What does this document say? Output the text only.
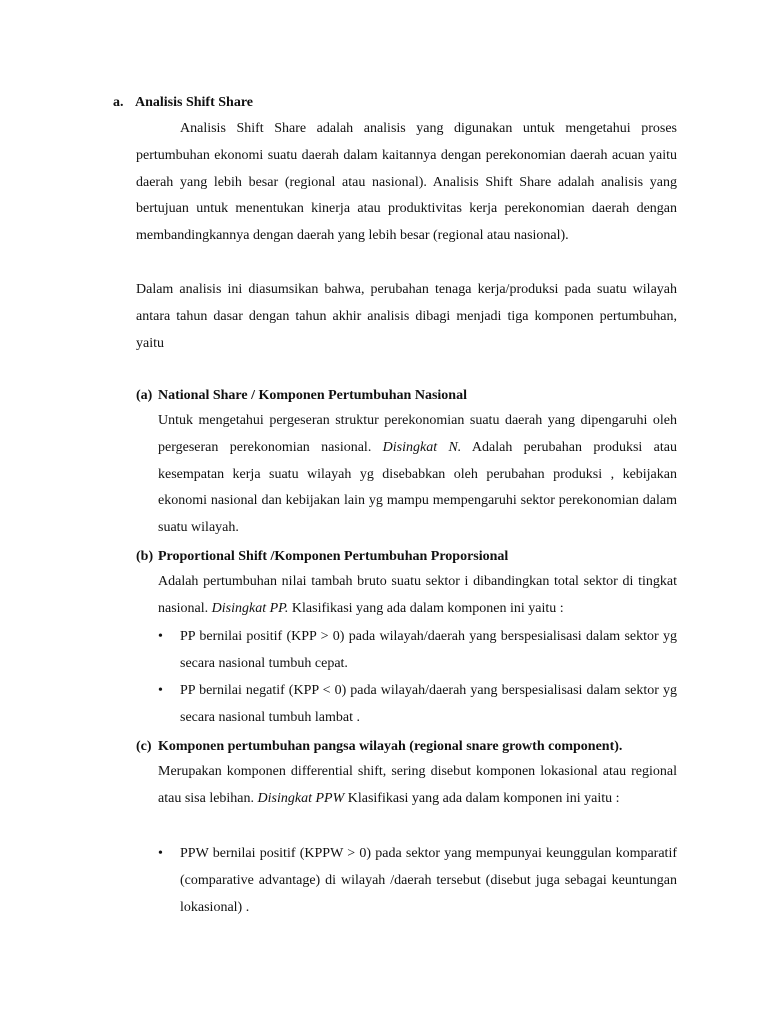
a. Analisis Shift Share
Analisis Shift Share adalah analisis yang digunakan untuk mengetahui proses pertumbuhan ekonomi suatu daerah dalam kaitannya dengan perekonomian daerah acuan yaitu daerah yang lebih besar (regional atau nasional). Analisis Shift Share adalah analisis yang bertujuan untuk menentukan kinerja atau produktivitas kerja perekonomian daerah dengan membandingkannya dengan daerah yang lebih besar (regional atau nasional).
Dalam analisis ini diasumsikan bahwa, perubahan tenaga kerja/produksi pada suatu wilayah antara tahun dasar dengan tahun akhir analisis dibagi menjadi tiga komponen pertumbuhan, yaitu
(a) National Share / Komponen Pertumbuhan Nasional
Untuk mengetahui pergeseran struktur perekonomian suatu daerah yang dipengaruhi oleh pergeseran perekonomian nasional. Disingkat N. Adalah perubahan produksi atau kesempatan kerja suatu wilayah yg disebabkan oleh perubahan produksi , kebijakan ekonomi nasional dan kebijakan lain yg mampu mempengaruhi sektor perekonomian dalam suatu wilayah.
(b) Proportional Shift /Komponen Pertumbuhan Proporsional
Adalah pertumbuhan nilai tambah bruto suatu sektor i dibandingkan total sektor di tingkat nasional. Disingkat PP. Klasifikasi yang ada dalam komponen ini yaitu :
•	PP bernilai positif (KPP > 0) pada wilayah/daerah yang berspesialisasi dalam sektor yg secara nasional tumbuh cepat.
•	PP bernilai negatif (KPP < 0) pada wilayah/daerah yang berspesialisasi dalam sektor yg secara nasional tumbuh lambat .
(c) Komponen pertumbuhan pangsa wilayah (regional snare growth component).
Merupakan komponen differential shift, sering disebut komponen lokasional atau regional atau sisa lebihan. Disingkat PPW Klasifikasi yang ada dalam komponen ini yaitu :
•	PPW bernilai positif (KPPW > 0) pada sektor yang mempunyai keunggulan komparatif (comparative advantage) di wilayah /daerah tersebut (disebut juga sebagai keuntungan lokasional) .
